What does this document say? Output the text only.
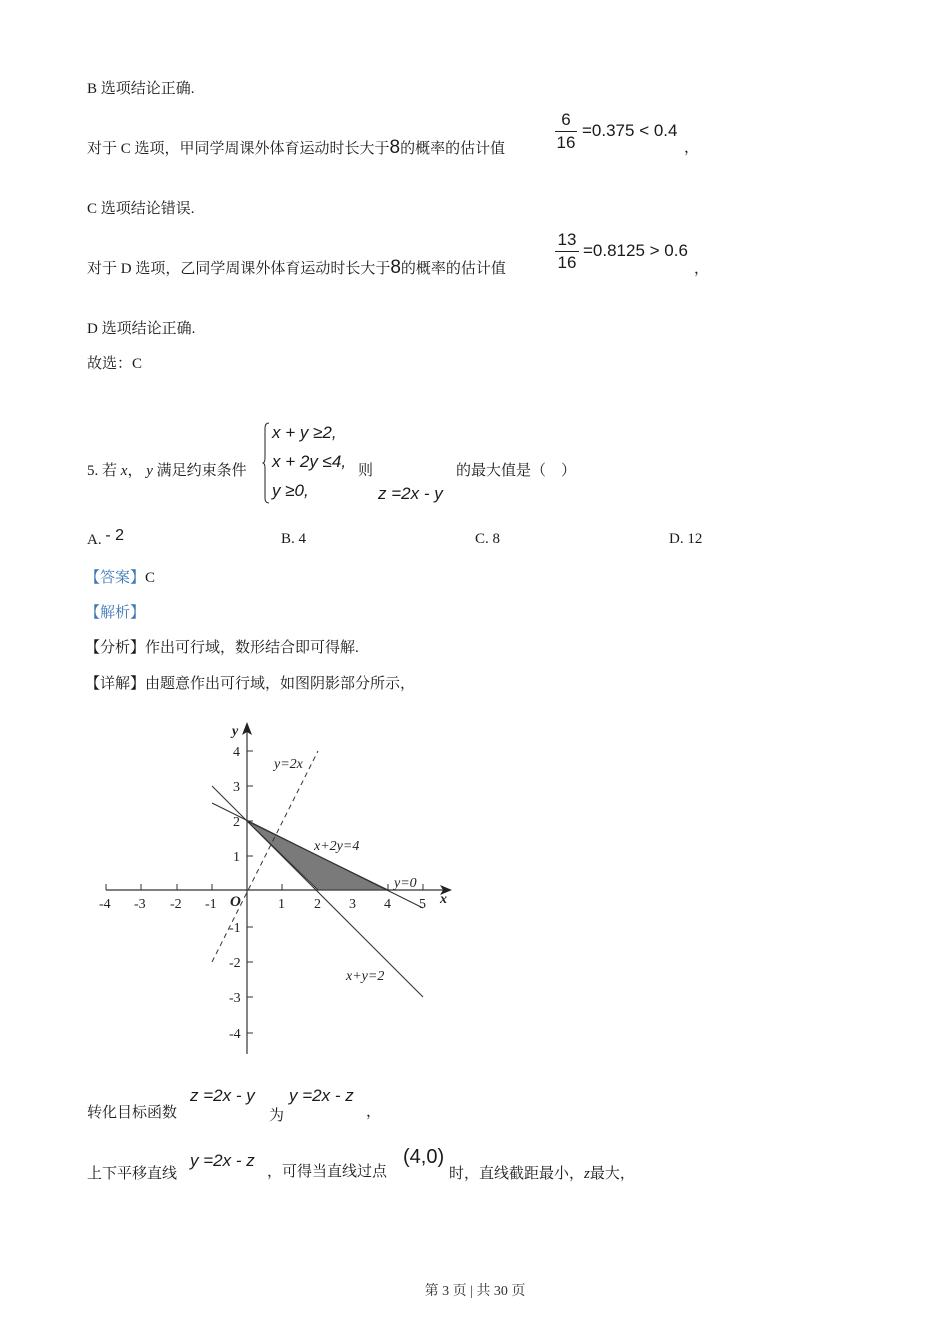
B 选项结论正确.
对于 C 选项，甲同学周课外体育运动时长大于8的概率的估计值
6
16
=0.375 < 0.4
，
C 选项结论错误.
对于 D 选项，乙同学周课外体育运动时长大于8的概率的估计值
13
16
=0.8125 > 0.6
，
D 选项结论正确.
故选：C
5. 若 x， y 满足约束条件
x + y ≥2,
x + 2y ≤4,
y ≥0,
则
z =2x - y
的最大值是（　）
A. - 2	B. 4	C. 8	D. 12
【答案】C
【解析】
【分析】作出可行域，数形结合即可得解.
【详解】由题意作出可行域，如图阴影部分所示，
-4 -3 -2 -1	1 2 3 4 5
4
3
2
1
-1
-2
-3
-4
x
y
O
y=2x
x+2y=4
y=0
x+y=2
转化目标函数
z =2x - y
为
y =2x - z
，
上下平移直线
y =2x - z
，可得当直线过点
(4,0)
时，直线截距最小，z最大，
第 3 页 | 共 30 页
